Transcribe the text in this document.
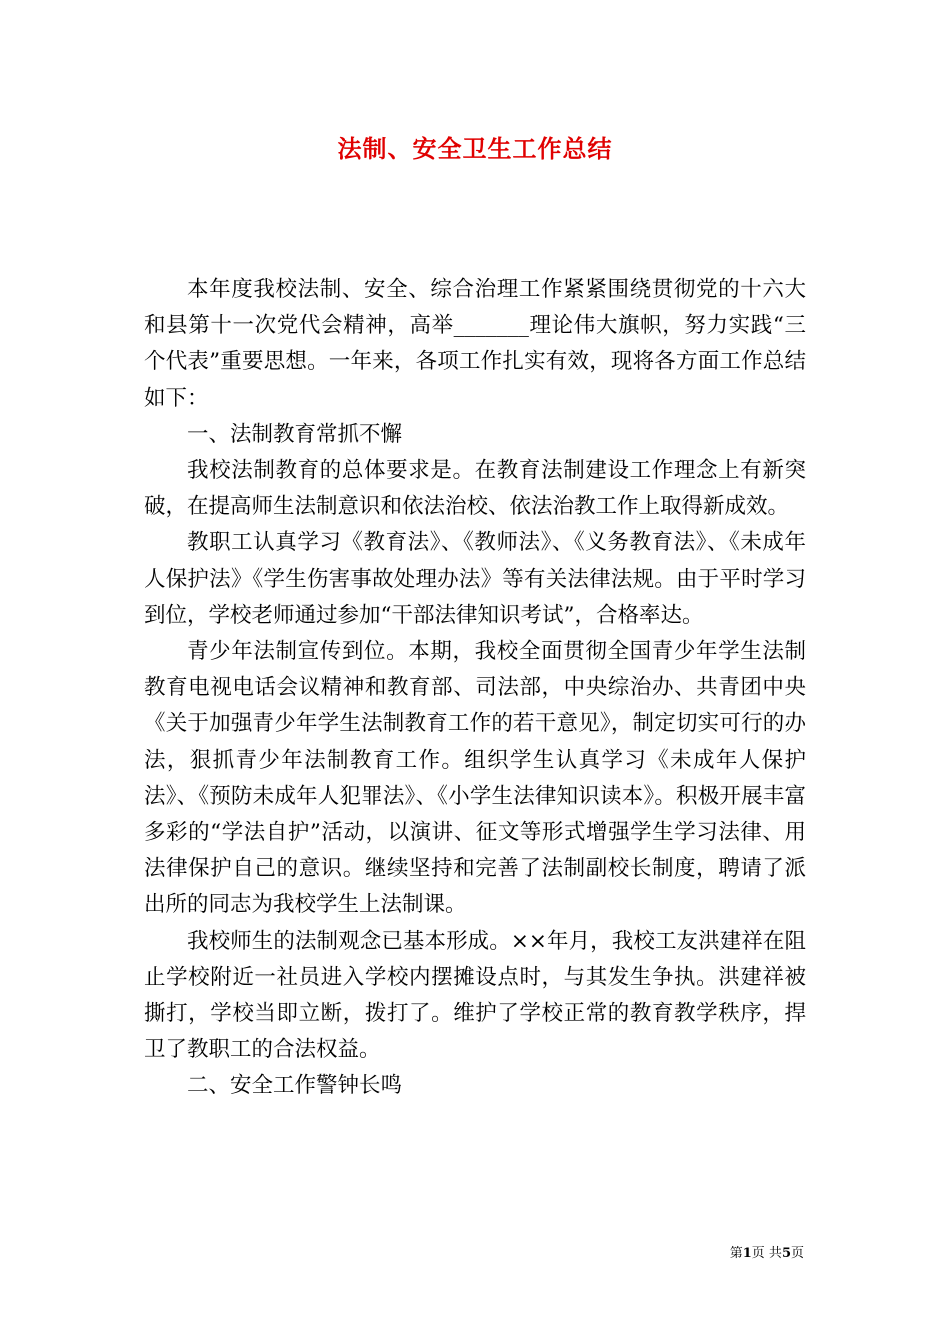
法制、安全卫生工作总结

本年度我校法制、安全、综合治理工作紧紧围绕贯彻党的十六大和县第十一次党代会精神，高举_______理论伟大旗帜，努力实践“三个代表”重要思想。一年来，各项工作扎实有效，现将各方面工作总结如下：

一、法制教育常抓不懈

我校法制教育的总体要求是。在教育法制建设工作理念上有新突破，在提高师生法制意识和依法治校、依法治教工作上取得新成效。

教职工认真学习《教育法》、《教师法》、《义务教育法》、《未成年人保护法》《学生伤害事故处理办法》等有关法律法规。由于平时学习到位，学校老师通过参加“干部法律知识考试”，合格率达。

青少年法制宣传到位。本期，我校全面贯彻全国青少年学生法制教育电视电话会议精神和教育部、司法部，中央综治办、共青团中央《关于加强青少年学生法制教育工作的若干意见》，制定切实可行的办法，狠抓青少年法制教育工作。组织学生认真学习《未成年人保护法》、《预防未成年人犯罪法》、《小学生法律知识读本》。积极开展丰富多彩的“学法自护”活动，以演讲、征文等形式增强学生学习法律、用法律保护自己的意识。继续坚持和完善了法制副校长制度，聘请了派出所的同志为我校学生上法制课。

我校师生的法制观念已基本形成。××年月，我校工友洪建祥在阻止学校附近一社员进入学校内摆摊设点时，与其发生争执。洪建祥被撕打，学校当即立断，拨打了。维护了学校正常的教育教学秩序，捍卫了教职工的合法权益。

二、安全工作警钟长鸣

第1页 共5页
